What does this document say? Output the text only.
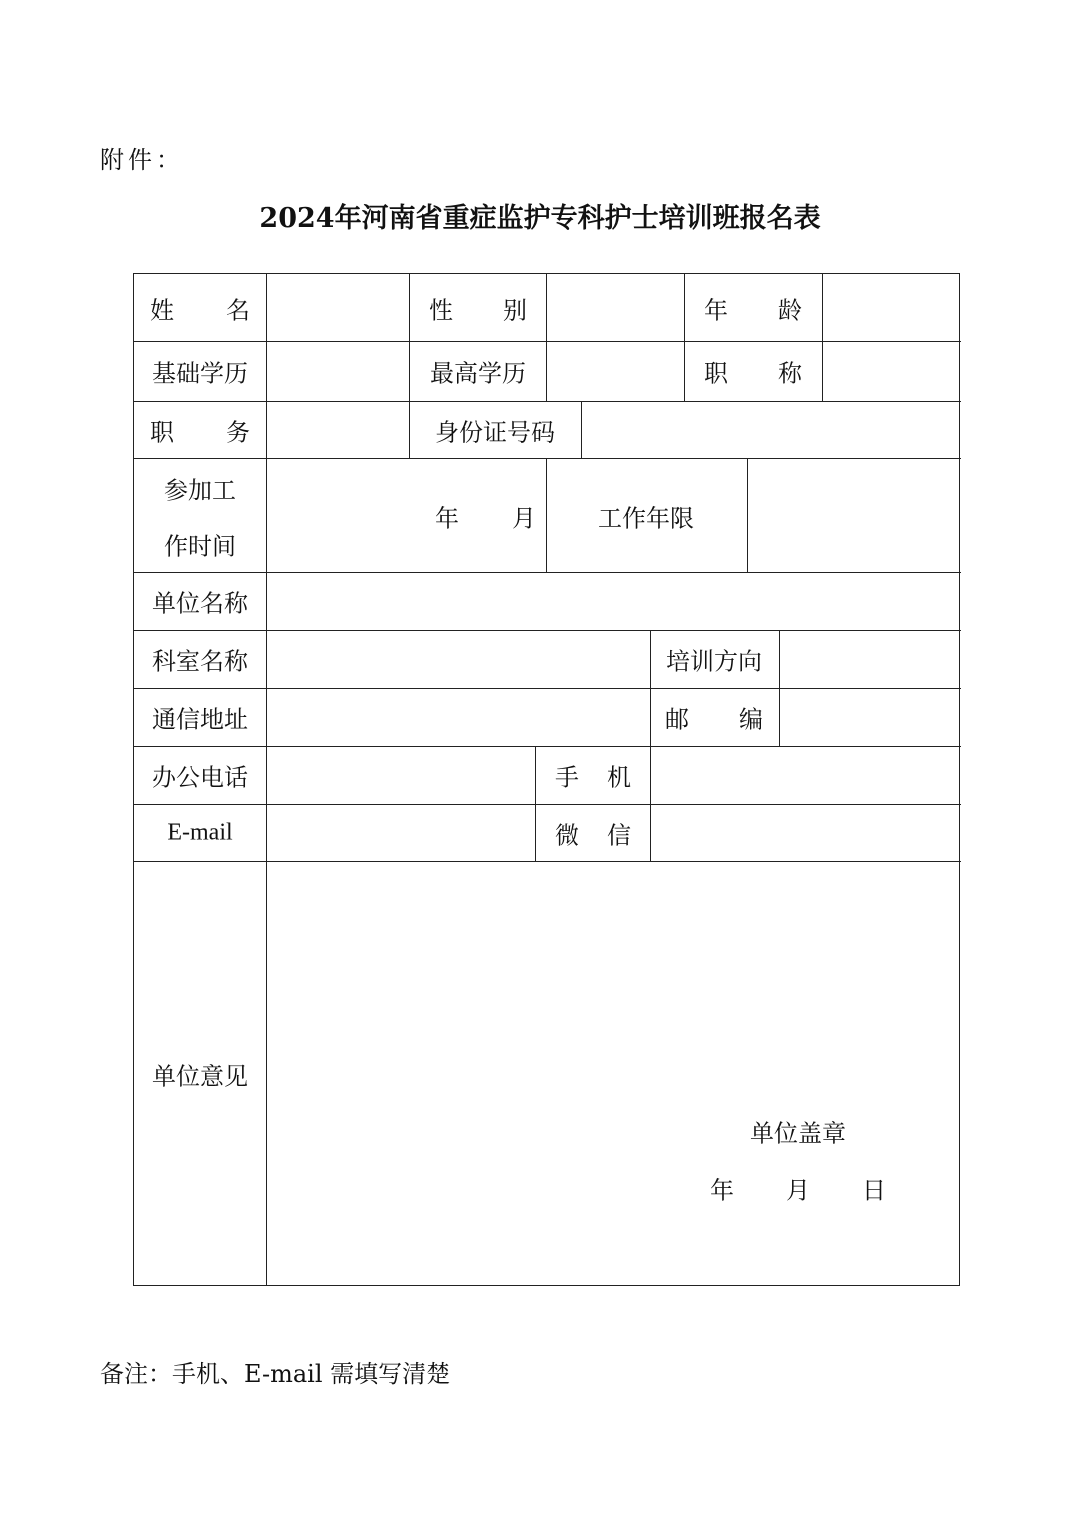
附件：
2024年河南省重症监护专科护士培训班报名表
姓 名	性 别	年 龄
基础学历	最高学历	职 称
职 务	身份证号码
参加工
作时间
年 月	工作年限
单位名称
科室名称	培训方向
通信地址	邮 编
办公电话	手 机
E-mail	微 信
单位意见
单位盖章
年 月 日
备注：手机、E-mail 需填写清楚
